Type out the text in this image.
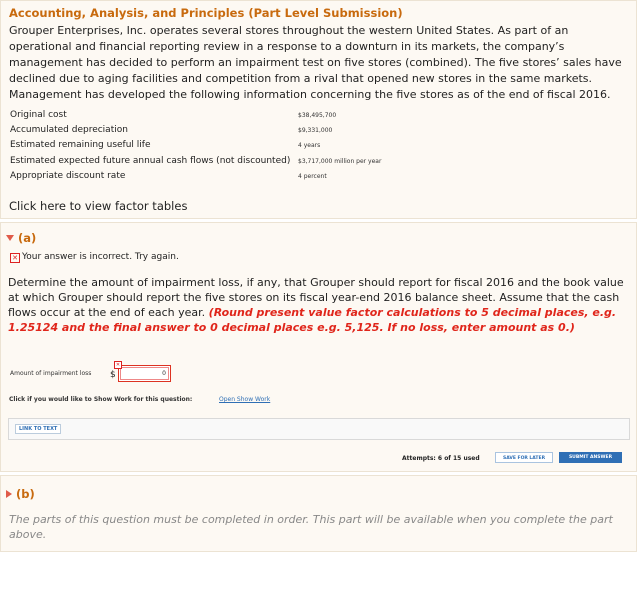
Accounting, Analysis, and Principles (Part Level Submission)
Grouper Enterprises, Inc. operates several stores throughout the western United States. As part of an operational and financial reporting review in a response to a downturn in its markets, the company’s management has decided to perform an impairment test on five stores (combined). The five stores’ sales have declined due to aging facilities and competition from a rival that opened new stores in the same markets. Management has developed the following information concerning the five stores as of the end of fiscal 2016.
Original cost	$38,495,700
Accumulated depreciation	$9,331,000
Estimated remaining useful life	4 years
Estimated expected future annual cash flows (not discounted) $3,717,000 million per year
Appropriate discount rate	4 percent
Click here to view factor tables
(a)
✕ Your answer is incorrect. Try again.
Determine the amount of impairment loss, if any, that Grouper should report for fiscal 2016 and the book value at which Grouper should report the five stores on its fiscal year-end 2016 balance sheet. Assume that the cash flows occur at the end of each year. (Round present value factor calculations to 5 decimal places, e.g. 1.25124 and the final answer to 0 decimal places e.g. 5,125. If no loss, enter amount as 0.)
Amount of impairment loss $	0
✕
Click if you would like to Show Work for this question:	Open Show Work
LINK TO TEXT
Attempts: 6 of 15 used	SAVE FOR LATER	SUBMIT ANSWER
(b)
The parts of this question must be completed in order. This part will be available when you complete the part above.
